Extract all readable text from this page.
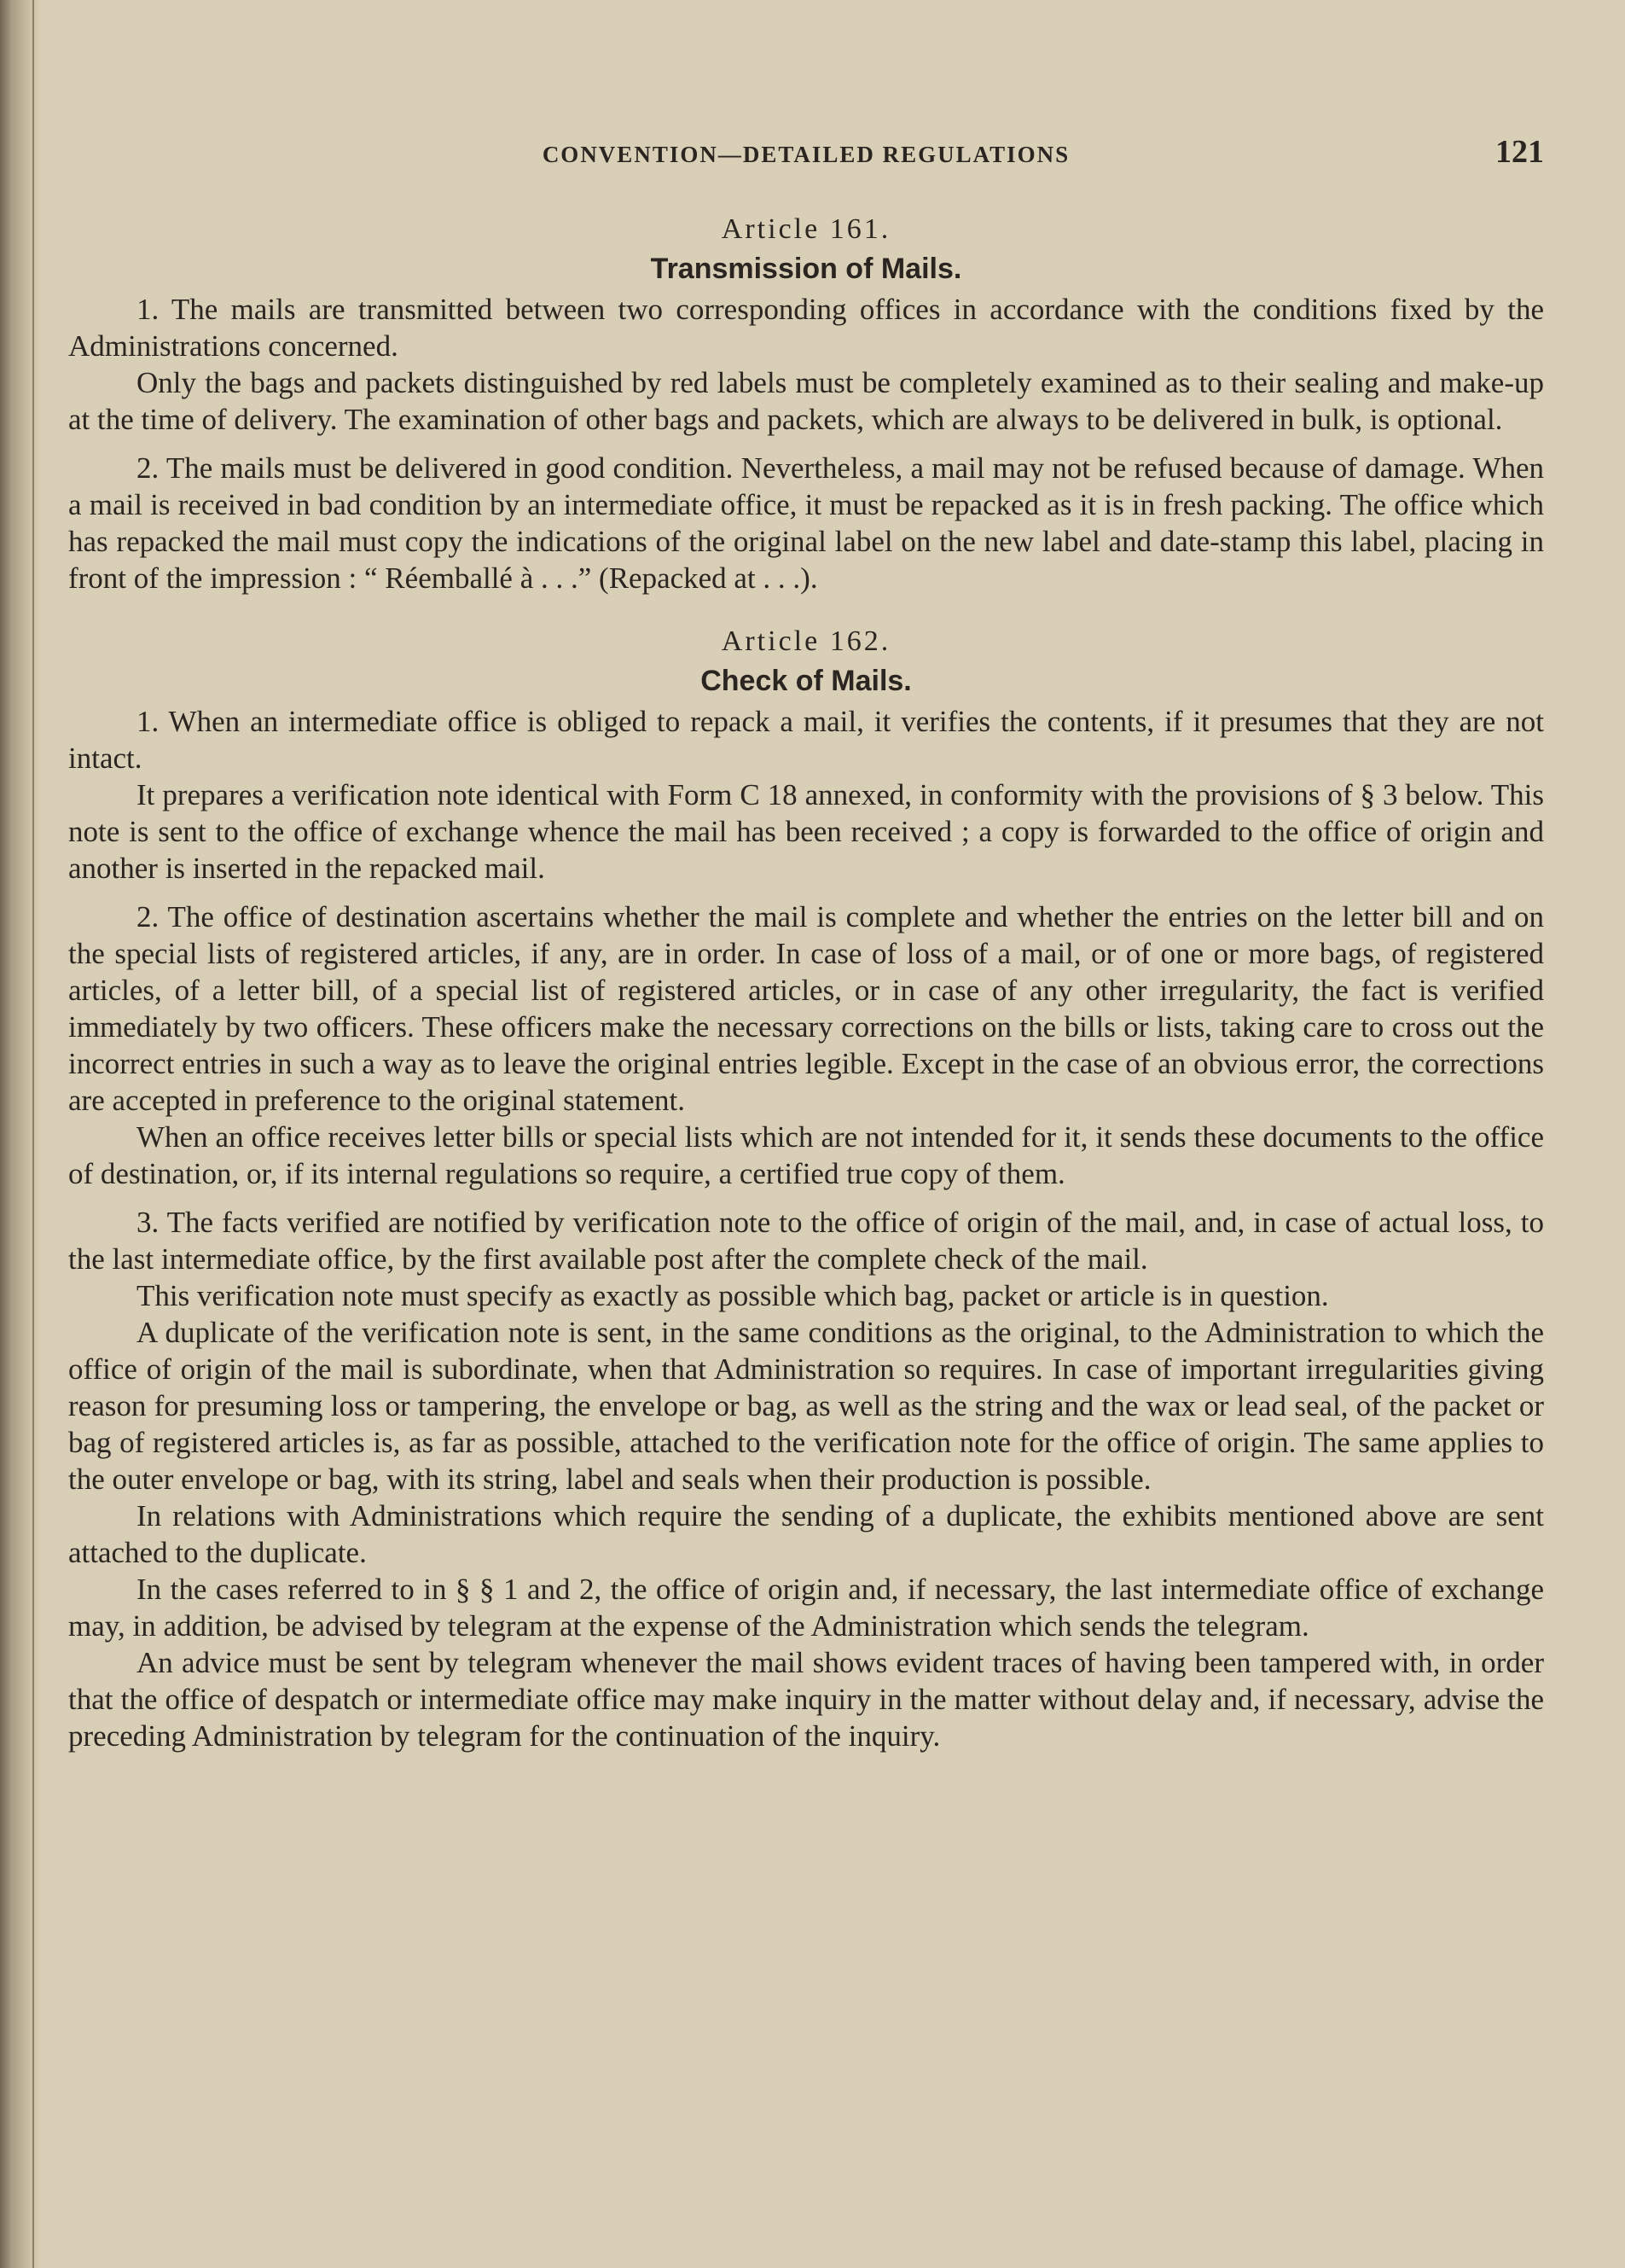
CONVENTION—DETAILED REGULATIONS	121
Article 161.
Transmission of Mails.

1. The mails are transmitted between two corresponding offices in accordance with the conditions fixed by the Administrations concerned.

Only the bags and packets distinguished by red labels must be completely examined as to their sealing and make-up at the time of delivery. The examination of other bags and packets, which are always to be delivered in bulk, is optional.

2. The mails must be delivered in good condition. Nevertheless, a mail may not be refused because of damage. When a mail is received in bad condition by an intermediate office, it must be repacked as it is in fresh packing. The office which has repacked the mail must copy the indications of the original label on the new label and date-stamp this label, placing in front of the impression : “ Réemballé à . . .” (Repacked at . . .).

Article 162.
Check of Mails.

1. When an intermediate office is obliged to repack a mail, it verifies the contents, if it presumes that they are not intact.

It prepares a verification note identical with Form C 18 annexed, in conformity with the provisions of § 3 below. This note is sent to the office of exchange whence the mail has been received ; a copy is forwarded to the office of origin and another is inserted in the repacked mail.

2. The office of destination ascertains whether the mail is complete and whether the entries on the letter bill and on the special lists of registered articles, if any, are in order. In case of loss of a mail, or of one or more bags, of registered articles, of a letter bill, of a special list of registered articles, or in case of any other irregularity, the fact is verified immediately by two officers. These officers make the necessary corrections on the bills or lists, taking care to cross out the incorrect entries in such a way as to leave the original entries legible. Except in the case of an obvious error, the corrections are accepted in preference to the original statement.

When an office receives letter bills or special lists which are not intended for it, it sends these documents to the office of destination, or, if its internal regulations so require, a certified true copy of them.

3. The facts verified are notified by verification note to the office of origin of the mail, and, in case of actual loss, to the last intermediate office, by the first available post after the complete check of the mail.

This verification note must specify as exactly as possible which bag, packet or article is in question.

A duplicate of the verification note is sent, in the same conditions as the original, to the Administration to which the office of origin of the mail is subordinate, when that Administration so requires. In case of important irregularities giving reason for presuming loss or tampering, the envelope or bag, as well as the string and the wax or lead seal, of the packet or bag of registered articles is, as far as possible, attached to the verification note for the office of origin. The same applies to the outer envelope or bag, with its string, label and seals when their production is possible.

In relations with Administrations which require the sending of a duplicate, the exhibits mentioned above are sent attached to the duplicate.

In the cases referred to in § § 1 and 2, the office of origin and, if necessary, the last intermediate office of exchange may, in addition, be advised by telegram at the expense of the Administration which sends the telegram.

An advice must be sent by telegram whenever the mail shows evident traces of having been tampered with, in order that the office of despatch or intermediate office may make inquiry in the matter without delay and, if necessary, advise the preceding Administration by telegram for the continuation of the inquiry.
